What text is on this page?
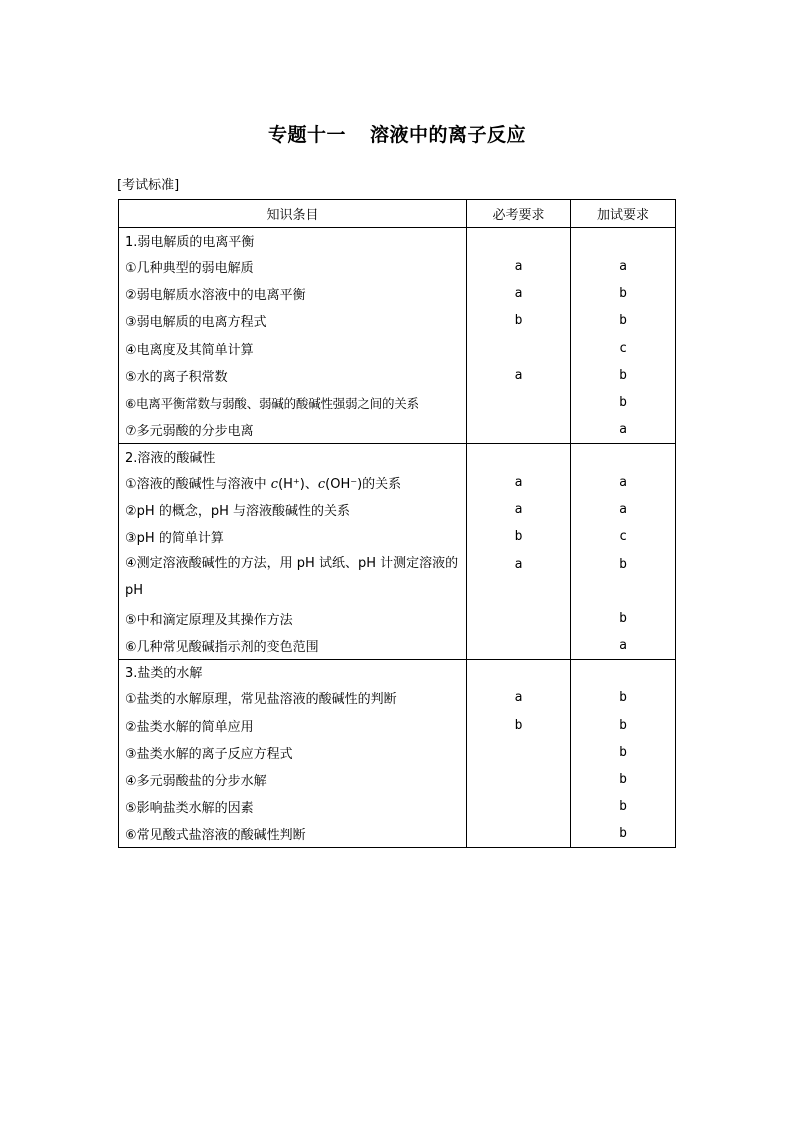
专题十一 溶液中的离子反应
[考试标准]
知识条目	必考要求	加试要求
1.弱电解质的电离平衡		
①几种典型的弱电解质	a	a
②弱电解质水溶液中的电离平衡	a	b
③弱电解质的电离方程式	b	b
④电离度及其简单计算		c
⑤水的离子积常数	a	b
⑥电离平衡常数与弱酸、弱碱的酸碱性强弱之间的关系		b
⑦多元弱酸的分步电离		a
2.溶液的酸碱性		
①溶液的酸碱性与溶液中 c(H⁺)、c(OH⁻)的关系	a	a
②pH 的概念，pH 与溶液酸碱性的关系	a	a
③pH 的简单计算	b	c
④测定溶液酸碱性的方法，用 pH 试纸、pH 计测定溶液的 pH	a	b
⑤中和滴定原理及其操作方法		b
⑥几种常见酸碱指示剂的变色范围		a
3.盐类的水解		
①盐类的水解原理，常见盐溶液的酸碱性的判断	a	b
②盐类水解的简单应用	b	b
③盐类水解的离子反应方程式		b
④多元弱酸盐的分步水解		b
⑤影响盐类水解的因素		b
⑥常见酸式盐溶液的酸碱性判断		b
